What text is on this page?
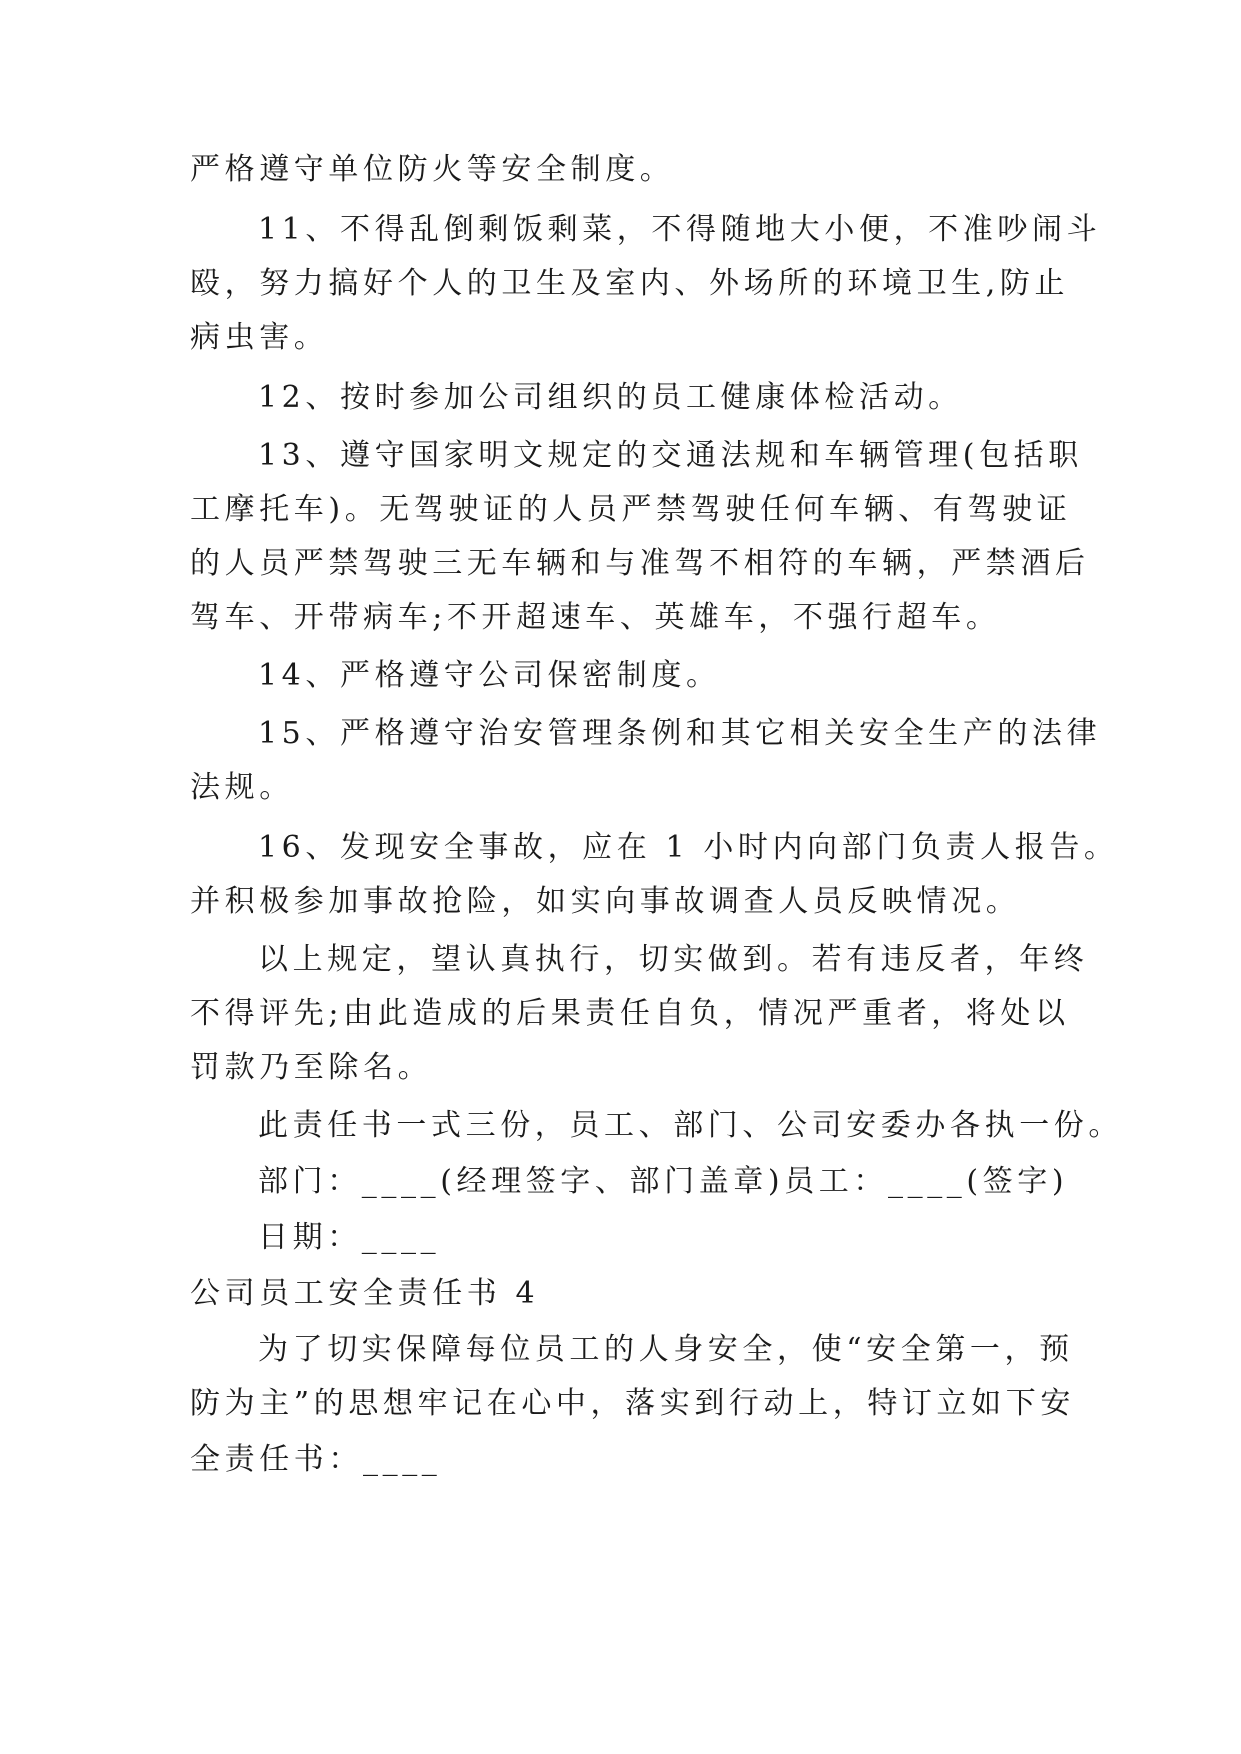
严格遵守单位防火等安全制度。
11、不得乱倒剩饭剩菜，不得随地大小便，不准吵闹斗
殴，努力搞好个人的卫生及室内、外场所的环境卫生,防止
病虫害。
12、按时参加公司组织的员工健康体检活动。
13、遵守国家明文规定的交通法规和车辆管理(包括职
工摩托车)。无驾驶证的人员严禁驾驶任何车辆、有驾驶证
的人员严禁驾驶三无车辆和与准驾不相符的车辆，严禁酒后
驾车、开带病车;不开超速车、英雄车，不强行超车。
14、严格遵守公司保密制度。
15、严格遵守治安管理条例和其它相关安全生产的法律
法规。
16、发现安全事故，应在 1 小时内向部门负责人报告。
并积极参加事故抢险，如实向事故调查人员反映情况。
以上规定，望认真执行，切实做到。若有违反者，年终
不得评先;由此造成的后果责任自负，情况严重者，将处以
罚款乃至除名。
此责任书一式三份，员工、部门、公司安委办各执一份。
部门：____(经理签字、部门盖章)员工：____(签字)
日期：____
公司员工安全责任书 4
为了切实保障每位员工的人身安全，使“安全第一，预
防为主”的思想牢记在心中，落实到行动上，特订立如下安
全责任书：____
